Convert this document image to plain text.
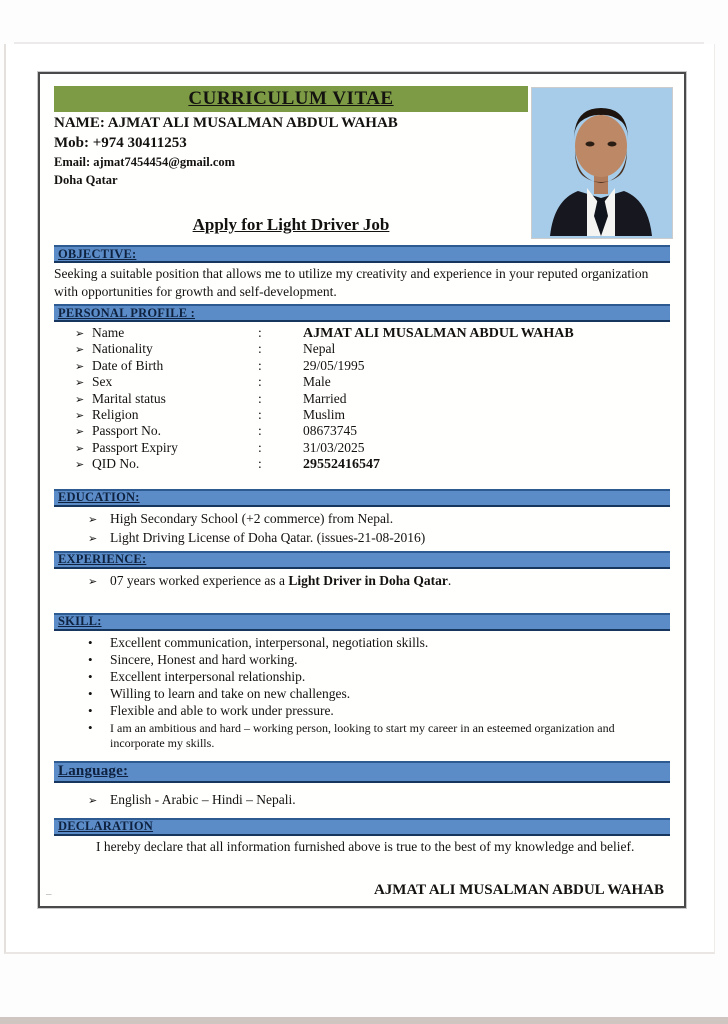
CURRICULUM VITAE
NAME: AJMAT ALI MUSALMAN ABDUL WAHAB
Mob: +974 30411253
Email: ajmat7454454@gmail.com
Doha Qatar
Apply for Light Driver Job
OBJECTIVE:

Seeking a suitable position that allows me to utilize my creativity and experience in your reputed organization with opportunities for growth and self-development.

PERSONAL PROFILE :
➢ Name	:	AJMAT ALI MUSALMAN ABDUL WAHAB
➢ Nationality	:	Nepal
➢ Date of Birth	:	29/05/1995
➢ Sex	:	Male
➢ Marital status	:	Married
➢ Religion	:	Muslim
➢ Passport No.	:	08673745
➢ Passport Expiry	:	31/03/2025
➢ QID No.	:	29552416547
EDUCATION:
➢ High Secondary School (+2 commerce) from Nepal.
➢ Light Driving License of Doha Qatar. (issues-21-08-2016)
EXPERIENCE:
➢ 07 years worked experience as a Light Driver in Doha Qatar.
SKILL:
•	Excellent communication, interpersonal, negotiation skills.
•	Sincere, Honest and hard working.
•	Excellent interpersonal relationship.
•	Willing to learn and take on new challenges.
•	Flexible and able to work under pressure.
•	I am an ambitious and hard – working person, looking to start my career in an esteemed organization and incorporate my skills.
Language:
➢ English - Arabic – Hindi – Nepali.
DECLARATION

I hereby declare that all information furnished above is true to the best of my knowledge and belief.

AJMAT ALI MUSALMAN ABDUL WAHAB
–
